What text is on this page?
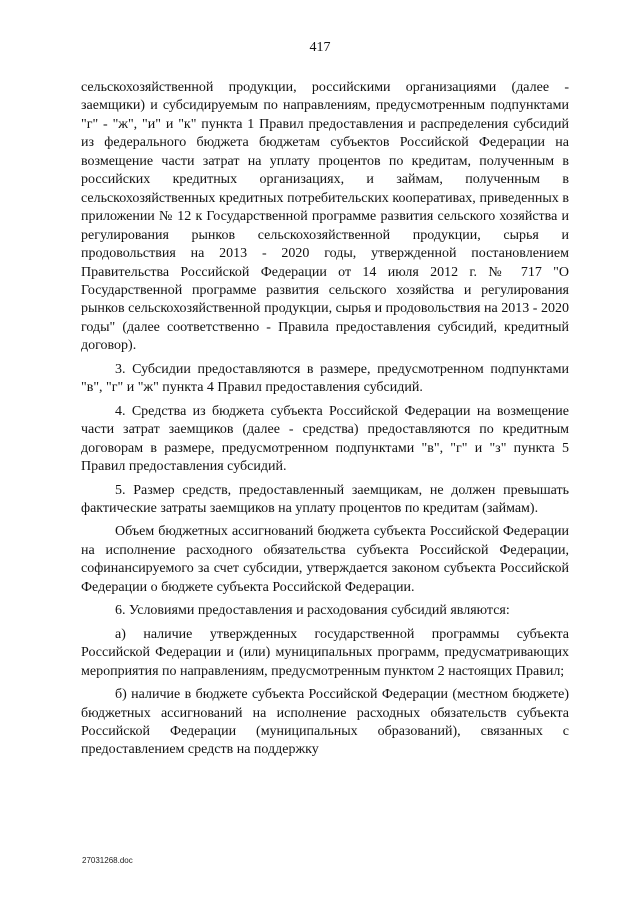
417

сельскохозяйственной продукции, российскими организациями (далее - заемщики) и субсидируемым по направлениям, предусмотренным подпунктами "г" - "ж", "и" и "к" пункта 1 Правил предоставления и распределения субсидий из федерального бюджета бюджетам субъектов Российской Федерации на возмещение части затрат на уплату процентов по кредитам, полученным в российских кредитных организациях, и займам, полученным в сельскохозяйственных кредитных потребительских кооперативах, приведенных в приложении № 12 к Государственной программе развития сельского хозяйства и регулирования рынков сельскохозяйственной продукции, сырья и продовольствия на 2013 - 2020 годы, утвержденной постановлением Правительства Российской Федерации от 14 июля 2012 г. № 717 "О Государственной программе развития сельского хозяйства и регулирования рынков сельскохозяйственной продукции, сырья и продовольствия на 2013 - 2020 годы" (далее соответственно - Правила предоставления субсидий, кредитный договор).

3. Субсидии предоставляются в размере, предусмотренном подпунктами "в", "г" и "ж" пункта 4 Правил предоставления субсидий.

4. Средства из бюджета субъекта Российской Федерации на возмещение части затрат заемщиков (далее - средства) предоставляются по кредитным договорам в размере, предусмотренном подпунктами "в", "г" и "з" пункта 5 Правил предоставления субсидий.

5. Размер средств, предоставленный заемщикам, не должен превышать фактические затраты заемщиков на уплату процентов по кредитам (займам).

Объем бюджетных ассигнований бюджета субъекта Российской Федерации на исполнение расходного обязательства субъекта Российской Федерации, софинансируемого за счет субсидии, утверждается законом субъекта Российской Федерации о бюджете субъекта Российской Федерации.

6. Условиями предоставления и расходования субсидий являются:

а) наличие утвержденных государственной программы субъекта Российской Федерации и (или) муниципальных программ, предусматривающих мероприятия по направлениям, предусмотренным пунктом 2 настоящих Правил;

б) наличие в бюджете субъекта Российской Федерации (местном бюджете) бюджетных ассигнований на исполнение расходных обязательств субъекта Российской Федерации (муниципальных образований), связанных с предоставлением средств на поддержку

27031268.doc
